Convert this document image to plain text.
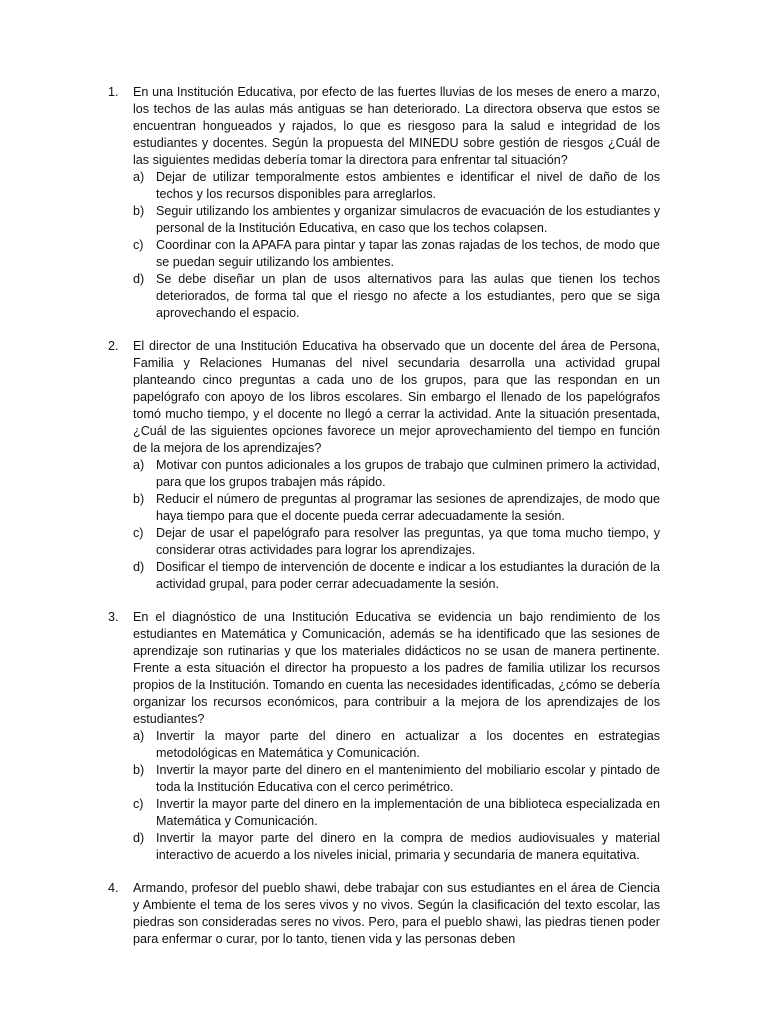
1. En una Institución Educativa, por efecto de las fuertes lluvias de los meses de enero a marzo, los techos de las aulas más antiguas se han deteriorado. La directora observa que estos se encuentran hongueados y rajados, lo que es riesgoso para la salud e integridad de los estudiantes y docentes. Según la propuesta del MINEDU sobre gestión de riesgos ¿Cuál de las siguientes medidas debería tomar la directora para enfrentar tal situación?

a) Dejar de utilizar temporalmente estos ambientes e identificar el nivel de daño de los techos y los recursos disponibles para arreglarlos.
b) Seguir utilizando los ambientes y organizar simulacros de evacuación de los estudiantes y personal de la Institución Educativa, en caso que los techos colapsen.
c) Coordinar con la APAFA para pintar y tapar las zonas rajadas de los techos, de modo que se puedan seguir utilizando los ambientes.
d) Se debe diseñar un plan de usos alternativos para las aulas que tienen los techos deteriorados, de forma tal que el riesgo no afecte a los estudiantes, pero que se siga aprovechando el espacio.
2. El director de una Institución Educativa ha observado que un docente del área de Persona, Familia y Relaciones Humanas del nivel secundaria desarrolla una actividad grupal planteando cinco preguntas a cada uno de los grupos, para que las respondan en un papelógrafo con apoyo de los libros escolares. Sin embargo el llenado de los papelógrafos tomó mucho tiempo, y el docente no llegó a cerrar la actividad. Ante la situación presentada, ¿Cuál de las siguientes opciones favorece un mejor aprovechamiento del tiempo en función de la mejora de los aprendizajes?

a) Motivar con puntos adicionales a los grupos de trabajo que culminen primero la actividad, para que los grupos trabajen más rápido.
b) Reducir el número de preguntas al programar las sesiones de aprendizajes, de modo que haya tiempo para que el docente pueda cerrar adecuadamente la sesión.
c) Dejar de usar el papelógrafo para resolver las preguntas, ya que toma mucho tiempo, y considerar otras actividades para lograr los aprendizajes.
d) Dosificar el tiempo de intervención de docente e indicar a los estudiantes la duración de la actividad grupal, para poder cerrar adecuadamente la sesión.
3. En el diagnóstico de una Institución Educativa se evidencia un bajo rendimiento de los estudiantes en Matemática y Comunicación, además se ha identificado que las sesiones de aprendizaje son rutinarias y que los materiales didácticos no se usan de manera pertinente. Frente a esta situación el director ha propuesto a los padres de familia utilizar los recursos propios de la Institución. Tomando en cuenta las necesidades identificadas, ¿cómo se debería organizar los recursos económicos, para contribuir a la mejora de los aprendizajes de los estudiantes?

a) Invertir la mayor parte del dinero en actualizar a los docentes en estrategias metodológicas en Matemática y Comunicación.
b) Invertir la mayor parte del dinero en el mantenimiento del mobiliario escolar y pintado de toda la Institución Educativa con el cerco perimétrico.
c) Invertir la mayor parte del dinero en la implementación de una biblioteca especializada en Matemática y Comunicación.
d) Invertir la mayor parte del dinero en la compra de medios audiovisuales y material interactivo de acuerdo a los niveles inicial, primaria y secundaria de manera equitativa.
4. Armando, profesor del pueblo shawi, debe trabajar con sus estudiantes en el área de Ciencia y Ambiente el tema de los seres vivos y no vivos. Según la clasificación del texto escolar, las piedras son consideradas seres no vivos. Pero, para el pueblo shawi, las piedras tienen poder para enfermar o curar, por lo tanto, tienen vida y las personas deben
